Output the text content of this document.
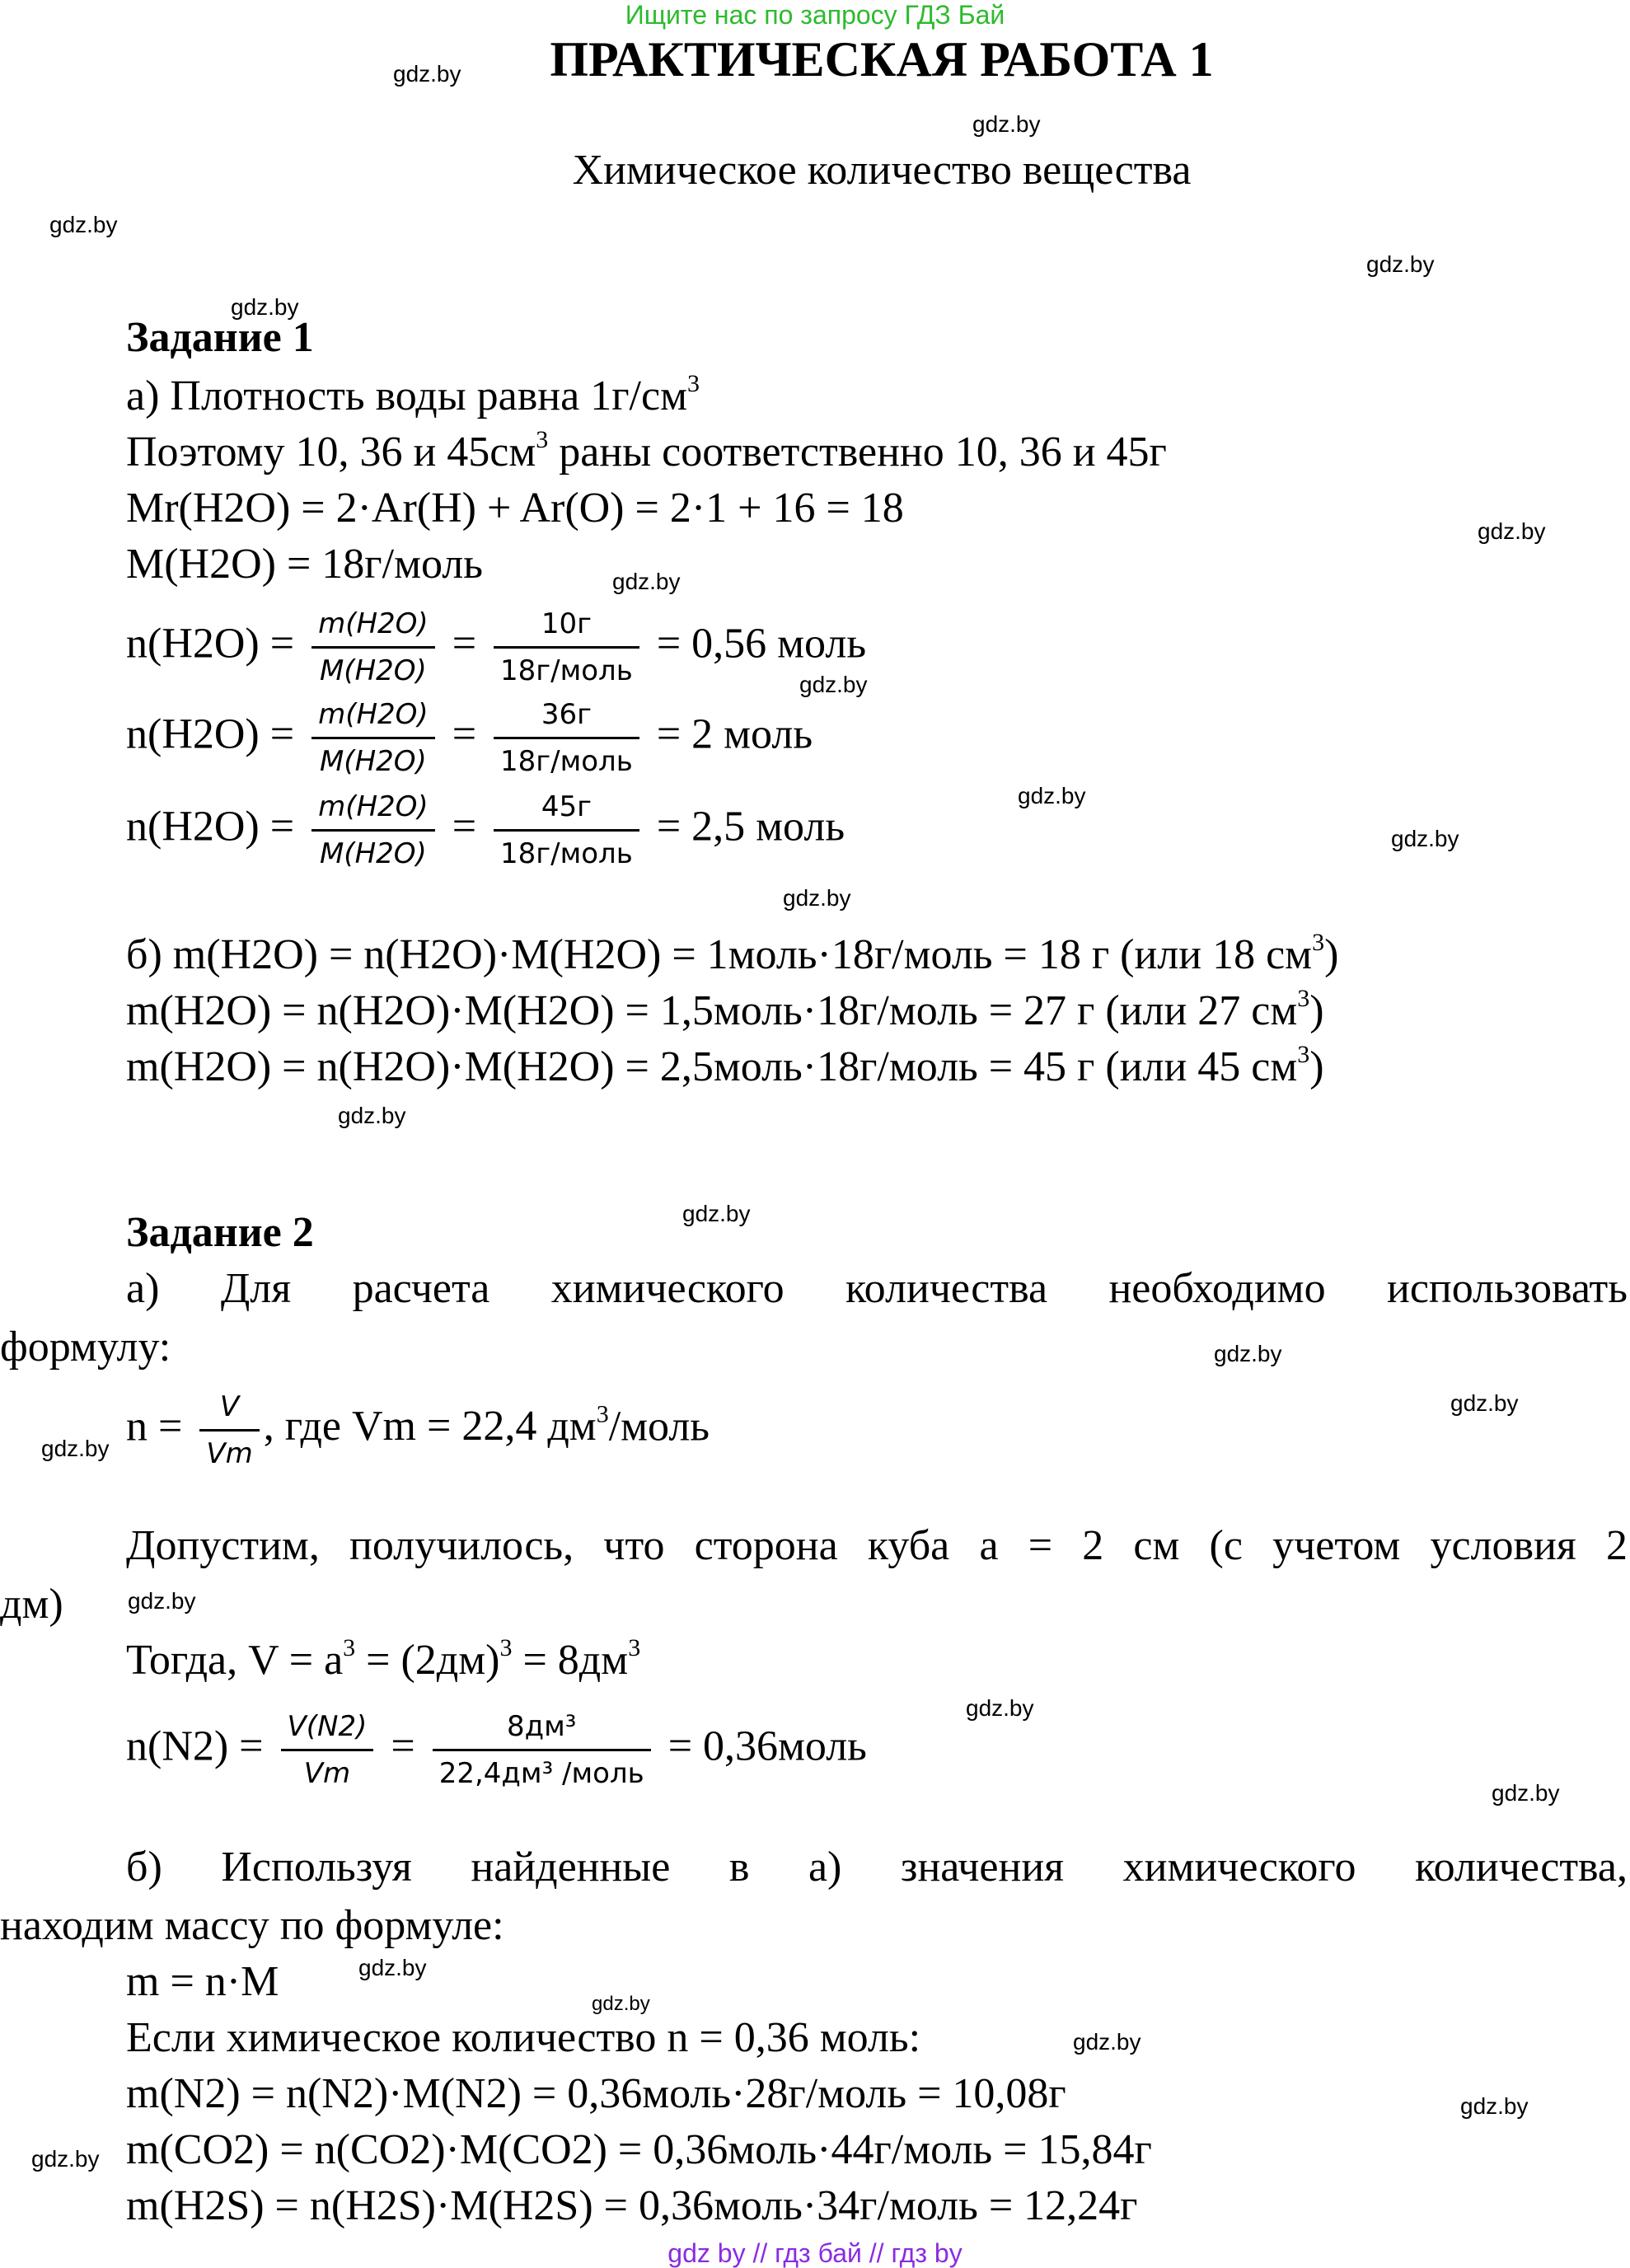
Ищите нас по запросу ГДЗ Бай
ПРАКТИЧЕСКАЯ РАБОТА 1
Химическое количество вещества
gdz.by
gdz.by
gdz.by
gdz.by
gdz.by
gdz.by
gdz.by
gdz.by
gdz.by
gdz.by
gdz.by
gdz.by
gdz.by
gdz.by
gdz.by
gdz.by
gdz.by
gdz.by
gdz.by
gdz.by
gdz.by
gdz.by
gdz.by
gdz.by
Задание 1
а) Плотность воды равна $1г/см^3$
Поэтому 10, 36 и $45см^3$ раны соответственно 10, 36 и 45г
Mr(H2O) = 2·Ar(H) + Ar(O) = 2·1 + 16 = 18
M(H2O) = 18г/моль
$n(H2O) = \frac{m(H2O)}{M(H2O)} = \frac{10г}{\text{18г/моль}} = 0,56$ моль
$n(H2O) = \frac{m(H2O)}{M(H2O)} = \frac{36г}{\text{18г/моль}} = 2$ моль
$n(H2O) = \frac{m(H2O)}{M(H2O)} = \frac{45г}{\text{18г/моль}} = 2,5$ моль
б) m(H2O) = n(H2O)·M(H2O) = 1моль·18г/моль = 18 г (или 18 $см^3$)
m(H2O) = n(H2O)·M(H2O) = 1,5моль·18г/моль = 27 г (или 27 $см^3$)
m(H2O) = n(H2O)·M(H2O) = 2,5моль·18г/моль = 45 г (или 45 $см^3$)
Задание 2
а) Для расчета химического количества необходимо использовать
формулу:
$n = \frac{V}{Vm}$ , где Vm = 22,4 $дм^3$/моль
Допустим, получилось, что сторона куба а = 2 см (с учетом условия 2
дм)
Тогда, $V = a^3 = (2дм)^3 = 8дм^3$
$n(N2) = \frac{V(N2)}{Vm} = \frac{\text{8дм³}}{\text{22,4дм³ /моль}}$ = 0,36моль
б) Используя найденные в а) значения химического количества,
находим массу по формуле:
m = n·M
Если химическое количество n = 0,36 моль:
m(N2) = n(N2)·M(N2) = 0,36моль·28г/моль = 10,08г
m(CO2) = n(CO2)·M(CO2) = 0,36моль·44г/моль = 15,84г
m(H2S) = n(H2S)·M(H2S) = 0,36моль·34г/моль = 12,24г
gdz by // гдз бай // гдз by
